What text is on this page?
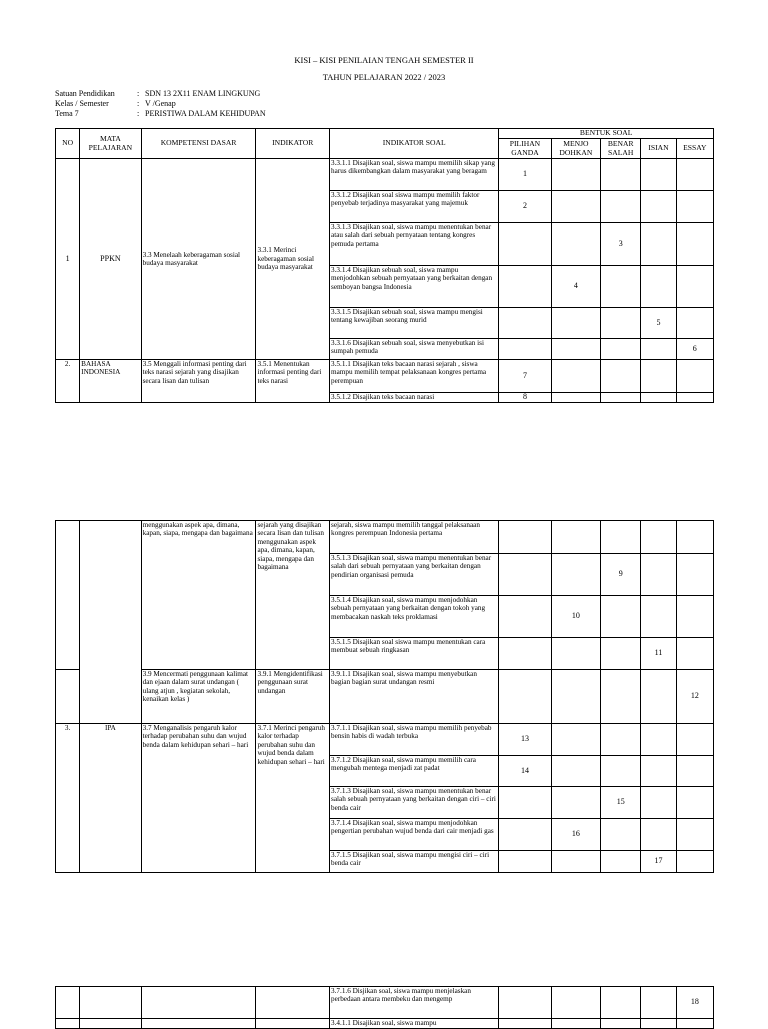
KISI – KISI PENILAIAN TENGAH SEMESTER II
TAHUN PELAJARAN 2022 / 2023
Satuan Pendidikan	: SDN 13 2X11 ENAM LINGKUNG
Kelas / Semester	: V /Genap
Tema 7	: PERISTIWA DALAM KEHIDUPAN
NO	MATA PELAJARAN	KOMPETENSI DASAR	INDIKATOR	INDIKATOR SOAL	BENTUK SOAL				
					PILIHAN GANDA	MENJO DOHKAN	BENAR SALAH	ISIAN	ESSAY
1	PPKN	3.3 Menelaah keberagaman sosial budaya masyarakat	3.3.1 Merinci keberagaman sosial budaya masyarakat	3.3.1.1 Disajikan soal, siswa mampu memilih sikap yang harus dikembangkan dalam masyarakat yang beragam	1				
				3.3.1.2 Disajikan soal siswa mampu memilih faktor penyebab terjadinya masyarakat yang majemuk	2				
				3.3.1.3 Disajikan soal, siswa mampu menentukan benar atau salah dari sebuah pernyataan tentang kongres pemuda pertama			3		
				3.3.1.4 Disajikan sebuah soal, siswa mampu menjodohkan sebuah pernyataan yang berkaitan dengan semboyan bangsa Indonesia		4			
				3.3.1.5 Disajikan sebuah soal, siswa mampu mengisi tentang kewajiban seorang murid				5	
				3.3.1.6 Disajikan sebuah soal, siswa menyebutkan isi sumpah pemuda					6
2.	BAHASA INDONESIA	3.5 Menggali informasi penting dari teks narasi sejarah yang disajikan secara lisan dan tulisan	3.5.1 Menentukan informasi penting dari teks narasi	3.5.1.1 Disajikan teks bacaan narasi sejarah , siswa mampu memilih tempat pelaksanaan kongres pertama perempuan	7				
				3.5.1.2 Disajikan teks bacaan narasi	8				
		menggunakan aspek apa, dimana, kapan, siapa, mengapa dan bagaimana	sejarah yang disajikan secara lisan dan tulisan menggunakan aspek apa, dimana, kapan, siapa, mengapa dan bagaimana	sejarah, siswa mampu memilih tanggal pelaksanaan kongres perempuan Indonesia pertama					
				3.5.1.3 Disajikan soal, siswa mampu menentukan benar salah dari sebuah pernyataan yang berkaitan dengan pendirian organisasi pemuda			9		
				3.5.1.4 Disajikan soal, siswa mampu menjodohkan sebuah pernyataan yang berkaitan dengan tokoh yang membacakan naskah teks proklamasi		10			
				3.5.1.5 Disajikan soal siswa mampu menentukan cara membuat sebuah ringkasan				11	
		3.9 Mencermati penggunaan kalimat dan ejaan dalam surat undangan ( ulang atjun , kegiatan sekolah, kenaikan kelas )	3.9.1 Mengidentifikasi penggunaan surat undangan	3.9.1.1 Disajikan soal, siswa mampu menyebutkan bagian bagian surat undangan resmi					12
3.	IPA	3.7 Menganalisis pengaruh kalor terhadap perubahan suhu dan wujud benda dalam kehidupan sehari – hari	3.7.1 Merinci pengaruh kalor terhadap perubahan suhu dan wujud benda dalam kehidupan sehari – hari	3.7.1.1 Disajikan soal, siswa mampu memilih penyebab bensin habis di wadah terbuka	13				
				3.7.1.2 Disajikan soal, siswa mampu memilih cara mengubah mentega menjadi zat padat	14				
				3.7.1.3 Disajikan soal, siswa mampu menentukan benar salah sebuah pernyataan yang berkaitan dengan ciri – ciri benda cair			15		
				3.7.1.4 Disajikan soal, siswa mampu menjodohkan pengertian perubahan wujud benda dari cair menjadi gas		16			
				3.7.1.5 Disajikan soal, siswa mampu mengisi ciri – ciri benda cair				17	
				3.7.1.6 Disjikan soal, siswa mampu menjelaskan perbedaan antara membeku dan mengemp					18
				3.4.1.1 Disajikan soal, siswa mampu					
